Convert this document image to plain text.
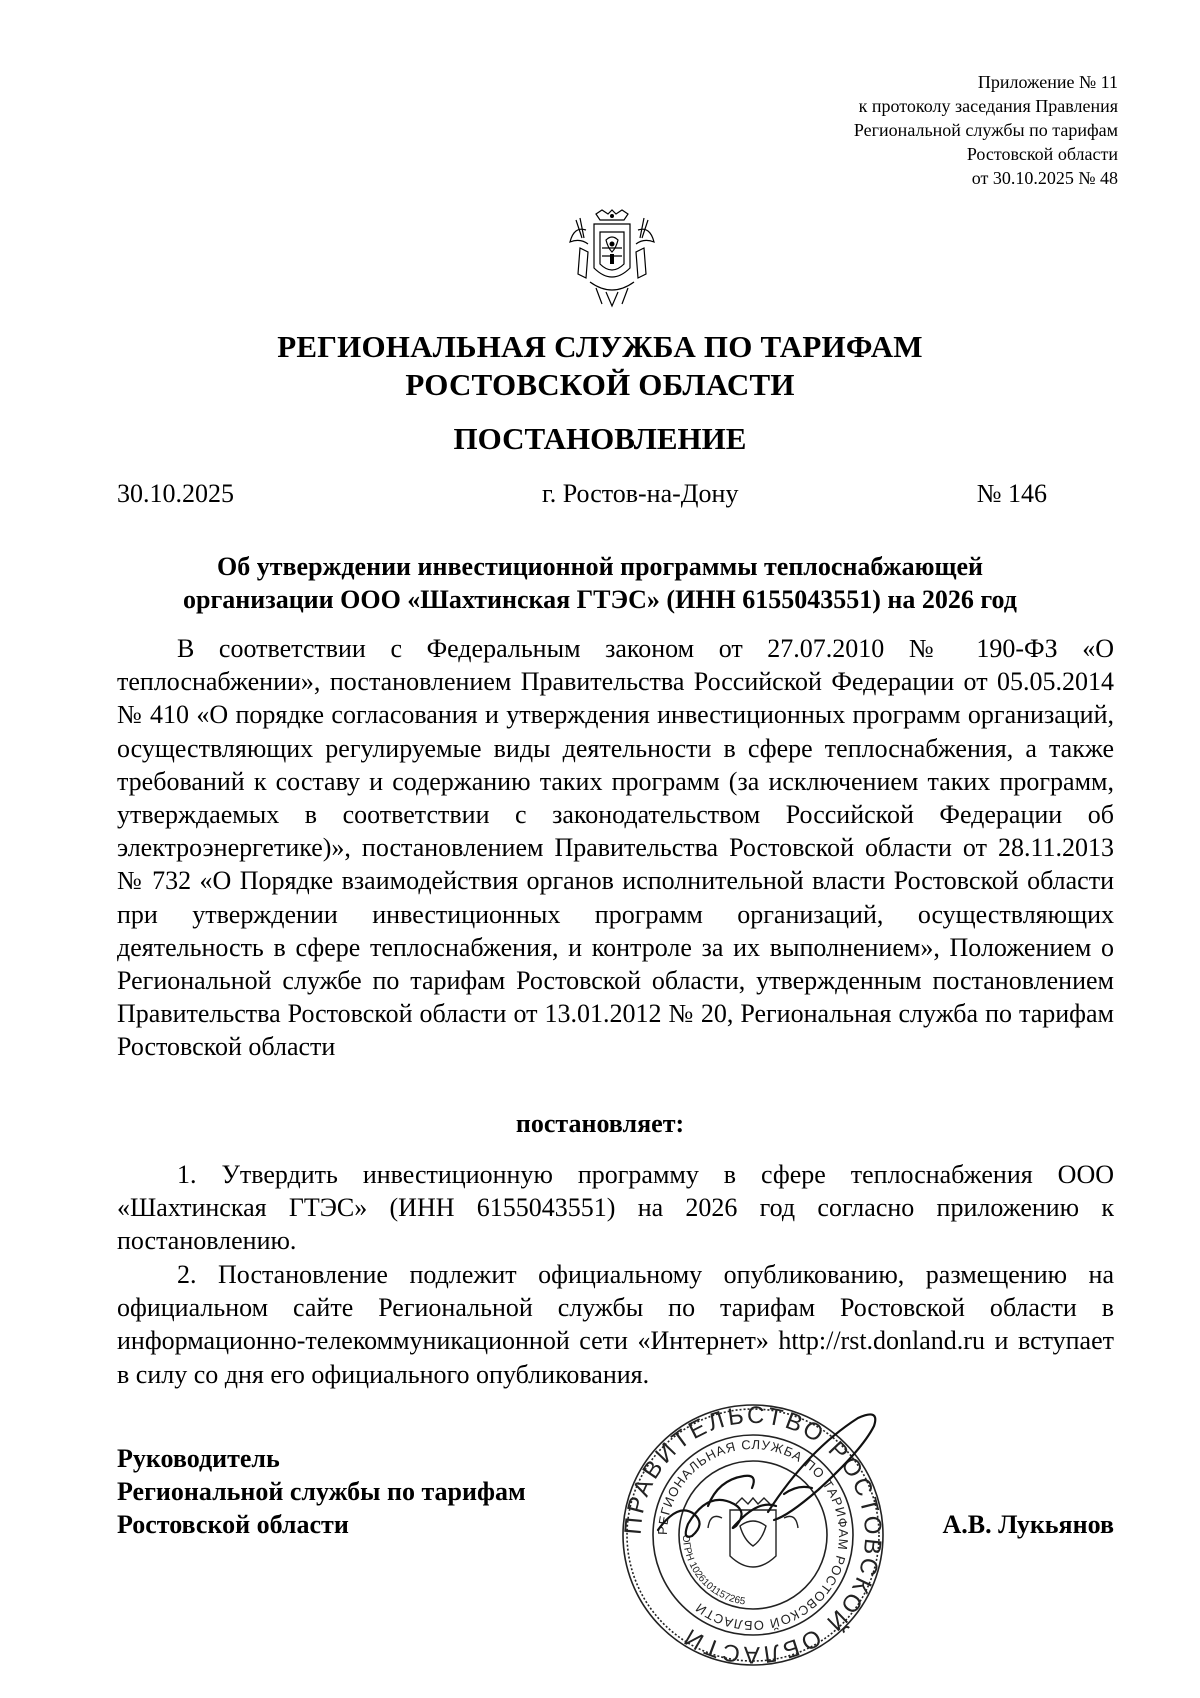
Приложение № 11
к протоколу заседания Правления
Региональной службы по тарифам
Ростовской области
от 30.10.2025 № 48
РЕГИОНАЛЬНАЯ СЛУЖБА ПО ТАРИФАМ
РОСТОВСКОЙ ОБЛАСТИ
ПОСТАНОВЛЕНИЕ
30.10.2025	г. Ростов-на-Дону	№ 146
Об утверждении инвестиционной программы теплоснабжающей
организации ООО «Шахтинская ГТЭС» (ИНН 6155043551) на 2026 год
В соответствии с Федеральным законом от 27.07.2010 № 190-ФЗ «О теплоснабжении», постановлением Правительства Российской Федерации от 05.05.2014 № 410 «О порядке согласования и утверждения инвестиционных программ организаций, осуществляющих регулируемые виды деятельности в сфере теплоснабжения, а также требований к составу и содержанию таких программ (за исключением таких программ, утверждаемых в соответствии с законодательством Российской Федерации об электроэнергетике)», постановлением Правительства Ростовской области от 28.11.2013 № 732 «О Порядке взаимодействия органов исполнительной власти Ростовской области при утверждении инвестиционных программ организаций, осуществляющих деятельность в сфере теплоснабжения, и контроле за их выполнением», Положением о Региональной службе по тарифам Ростовской области, утвержденным постановлением Правительства Ростовской области от 13.01.2012 № 20, Региональная служба по тарифам Ростовской области
постановляет:
1. Утвердить инвестиционную программу в сфере теплоснабжения ООО «Шахтинская ГТЭС» (ИНН 6155043551) на 2026 год согласно приложению к постановлению.
2. Постановление подлежит официальному опубликованию, размещению на официальном сайте Региональной службы по тарифам Ростовской области в информационно-телекоммуникационной сети «Интернет» http://rst.donland.ru и вступает в силу со дня его официального опубликования.
Руководитель
Региональной службы по тарифам
Ростовской области	А.В. Лукьянов
ПРАВИТЕЛЬСТВО РОСТОВСКОЙ ОБЛАСТИ
РЕГИОНАЛЬНАЯ СЛУЖБА ПО ТАРИФАМ РОСТОВСКОЙ ОБЛАСТИ
ОГРН 1026101157265
